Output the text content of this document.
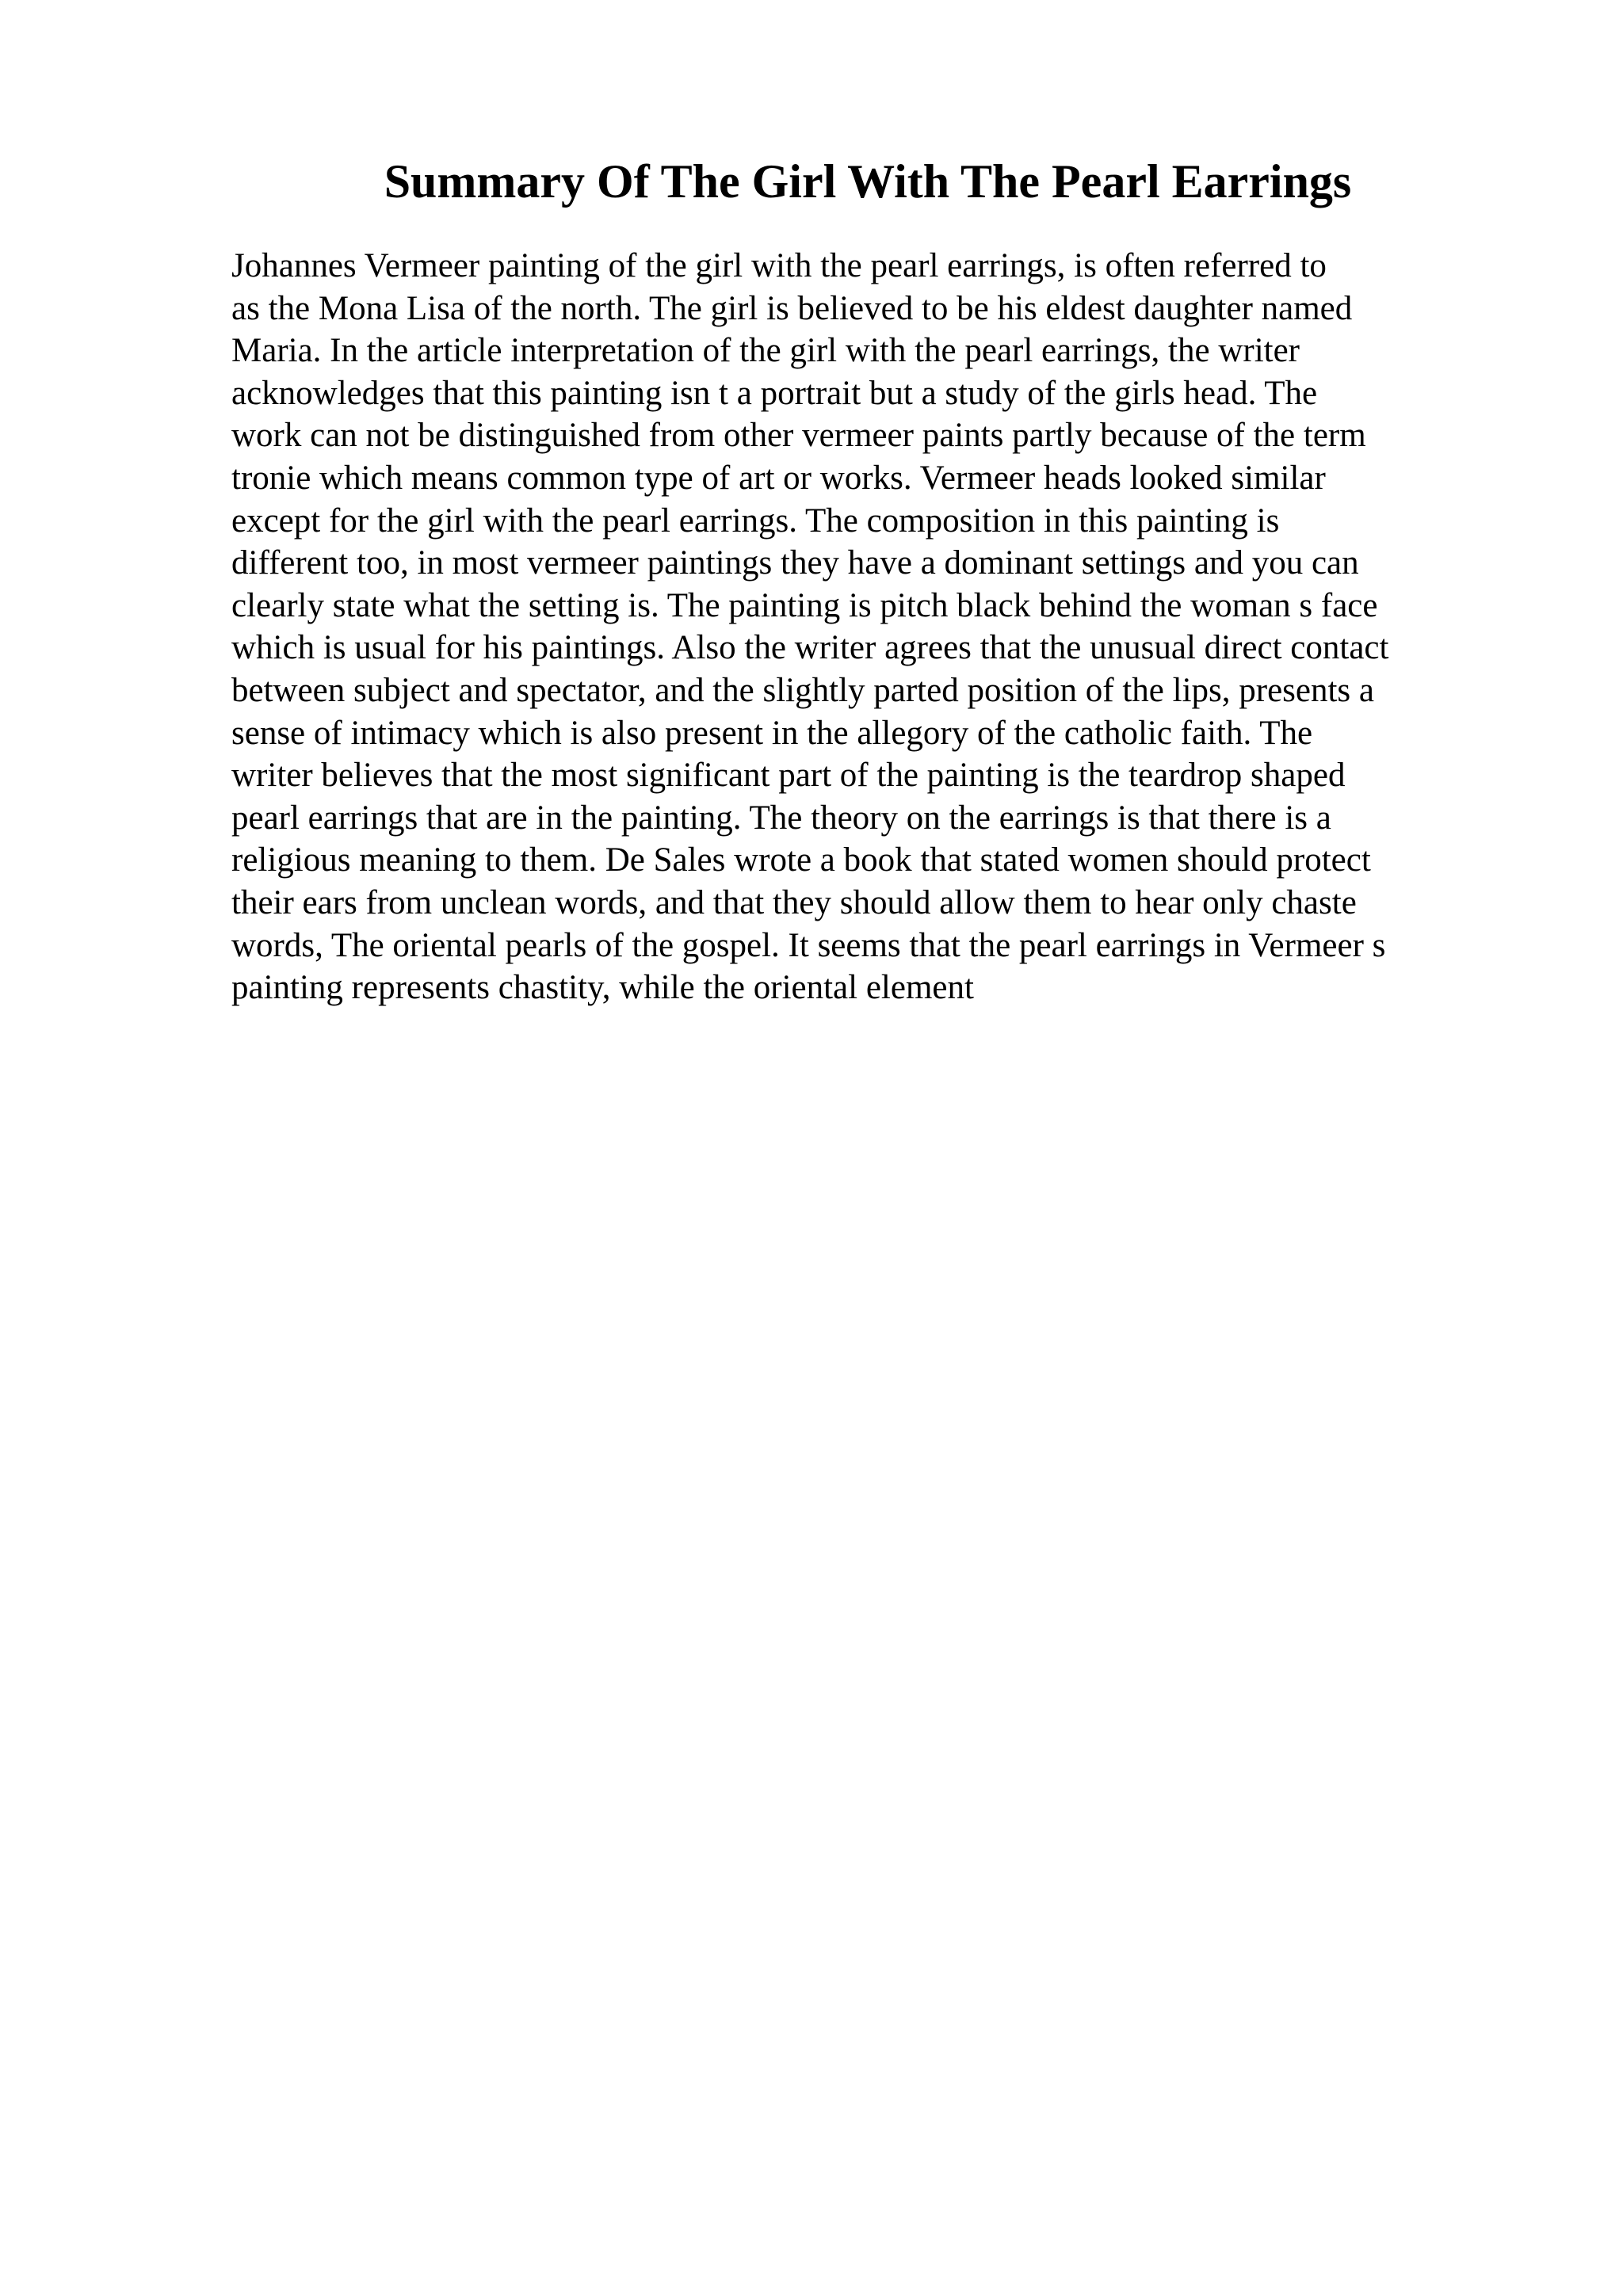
Summary Of The Girl With The Pearl Earrings
Johannes Vermeer painting of the girl with the pearl earrings, is often referred to
as the Mona Lisa of the north. The girl is believed to be his eldest daughter named
Maria. In the article interpretation of the girl with the pearl earrings, the writer
acknowledges that this painting isn t a portrait but a study of the girls head. The
work can not be distinguished from other vermeer paints partly because of the term
tronie which means common type of art or works. Vermeer heads looked similar
except for the girl with the pearl earrings. The composition in this painting is
different too, in most vermeer paintings they have a dominant settings and you can
clearly state what the setting is. The painting is pitch black behind the woman s face
which is usual for his paintings. Also the writer agrees that the unusual direct contact
between subject and spectator, and the slightly parted position of the lips, presents a
sense of intimacy which is also present in the allegory of the catholic faith. The
writer believes that the most significant part of the painting is the teardrop shaped
pearl earrings that are in the painting. The theory on the earrings is that there is a
religious meaning to them. De Sales wrote a book that stated women should protect
their ears from unclean words, and that they should allow them to hear only chaste
words, The oriental pearls of the gospel. It seems that the pearl earrings in Vermeer s
painting represents chastity, while the oriental element
